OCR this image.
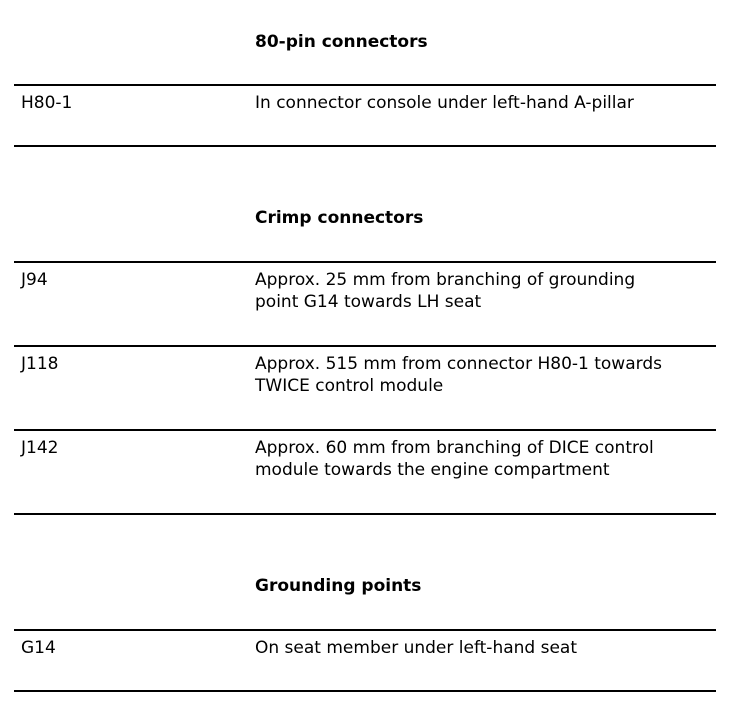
80-pin connectors
H80-1	In connector console under left-hand A-pillar
Crimp connectors
J94	Approx. 25 mm from branching of grounding
point G14 towards LH seat
J118	Approx. 515 mm from connector H80-1 towards
TWICE control module
J142	Approx. 60 mm from branching of DICE control
module towards the engine compartment
Grounding points
G14	On seat member under left-hand seat
